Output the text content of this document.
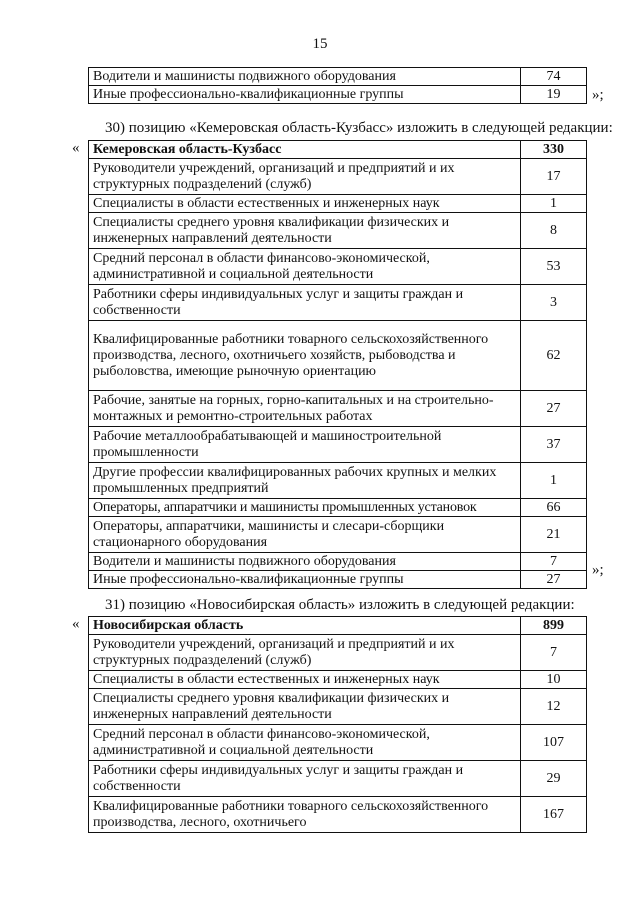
15
Водители и машинисты подвижного оборудования	74
Иные профессионально-квалификационные группы	19 »;
30) позицию «Кемеровская область-Кузбасс» изложить в следующей редакции:
« Кемеровская область-Кузбасс	330
Руководители учреждений, организаций и предприятий и их структурных подразделений (служб)	17
Специалисты в области естественных и инженерных наук	1
Специалисты среднего уровня квалификации физических и инженерных направлений деятельности	8
Средний персонал в области финансово-экономической, административной и социальной деятельности	53
Работники сферы индивидуальных услуг и защиты граждан и собственности	3
Квалифицированные работники товарного сельскохозяйственного производства, лесного, охотничьего хозяйств, рыбоводства и рыболовства, имеющие рыночную ориентацию	62
Рабочие, занятые на горных, горно-капитальных и на строительно-монтажных и ремонтно-строительных работах	27
Рабочие металлообрабатывающей и машиностроительной промышленности	37
Другие профессии квалифицированных рабочих крупных и мелких промышленных предприятий	1
Операторы, аппаратчики и машинисты промышленных установок	66
Операторы, аппаратчики, машинисты и слесари-сборщики стационарного оборудования	21
Водители и машинисты подвижного оборудования	7
Иные профессионально-квалификационные группы	27
»;
31) позицию «Новосибирская область» изложить в следующей редакции:
« Новосибирская область	899
Руководители учреждений, организаций и предприятий и их структурных подразделений (служб)	7
Специалисты в области естественных и инженерных наук	10
Специалисты среднего уровня квалификации физических и инженерных направлений деятельности	12
Средний персонал в области финансово-экономической, административной и социальной деятельности	107
Работники сферы индивидуальных услуг и защиты граждан и собственности	29
Квалифицированные работники товарного сельскохозяйственного производства, лесного, охотничьего	167
